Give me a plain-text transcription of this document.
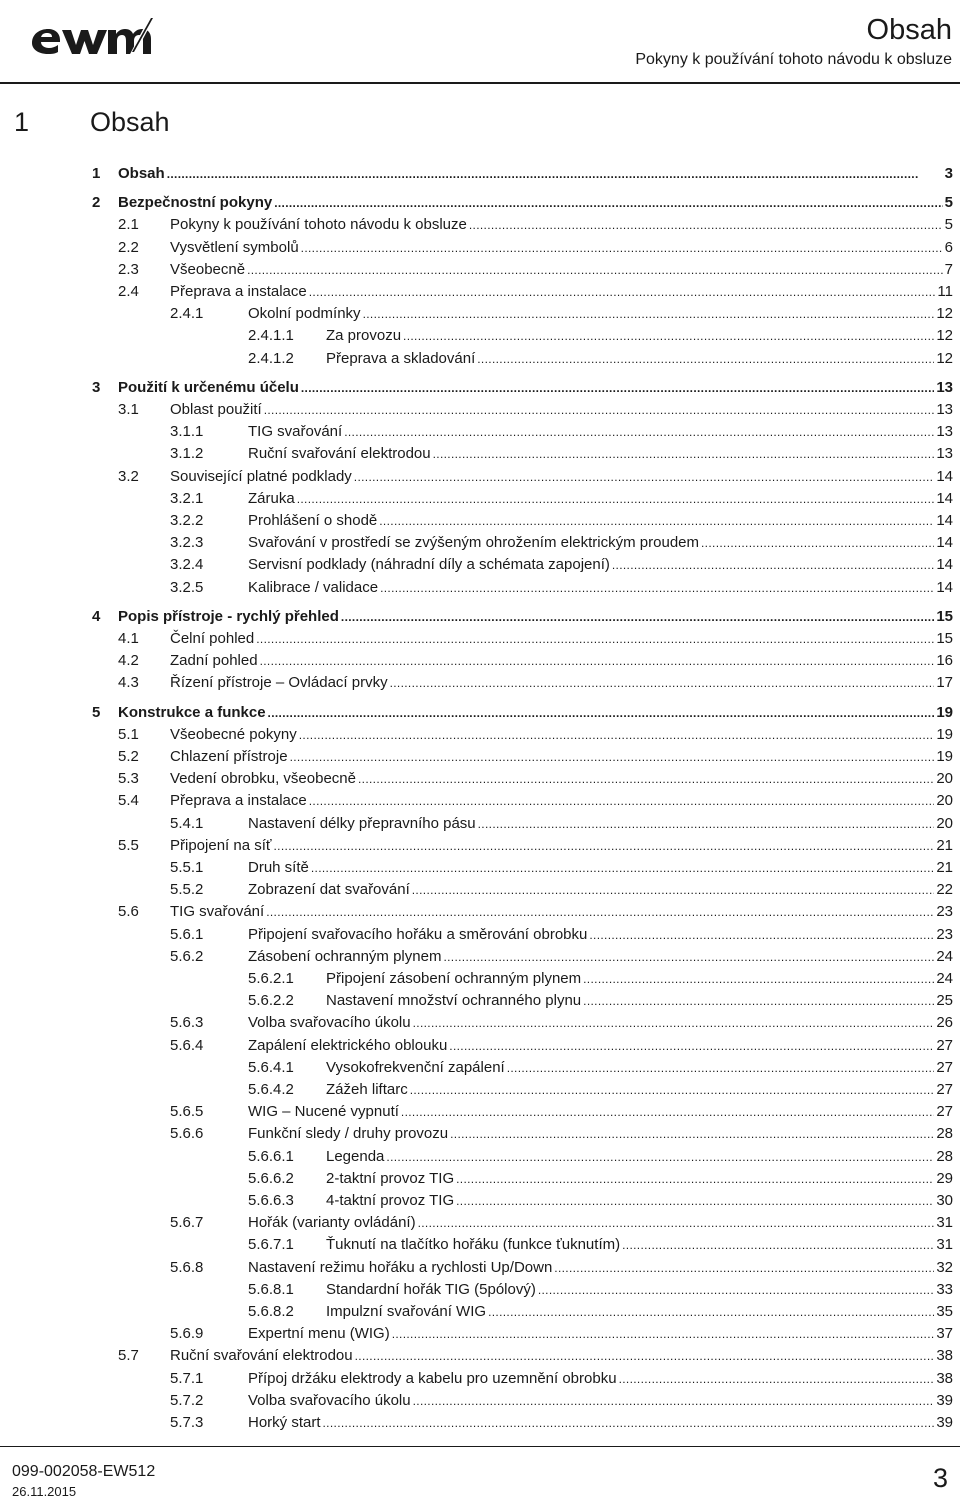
Obsah
Pokyny k používání tohoto návodu k obsluze
1 Obsah
1 Obsah . . .	3
2 Bezpečnostní pokyny . . .	5
2.1 Pokyny k používání tohoto návodu k obsluze . . .	5
2.2 Vysvětlení symbolů . . .	6
2.3 Všeobecně . . .	7
2.4 Přeprava a instalace . . .	11
2.4.1	Okolní podmínky . . .	12
2.4.1.1 Za provozu . . .	12
2.4.1.2 Přeprava a skladování . . .	12
3 Použití k určenému účelu . . .	13
3.1 Oblast použití . . .	13
3.1.1	TIG svařování . . .	13
3.1.2	Ruční svařování elektrodou . . .	13
3.2 Související platné podklady . . .	14
3.2.1	Záruka . . .	14
3.2.2	Prohlášení o shodě . . .	14
3.2.3	Svařování v prostředí se zvýšeným ohrožením elektrickým proudem . . .	14
3.2.4	Servisní podklady (náhradní díly a schémata zapojení) . . .	14
3.2.5	Kalibrace / validace . . .	14
4 Popis přístroje - rychlý přehled . . .	15
4.1 Čelní pohled . . .	15
4.2 Zadní pohled . . .	16
4.3 Řízení přístroje – Ovládací prvky . . .	17
5 Konstrukce a funkce . . .	19
5.1 Všeobecné pokyny . . .	19
5.2 Chlazení přístroje . . .	19
5.3 Vedení obrobku, všeobecně . . .	20
5.4 Přeprava a instalace . . .	20
5.4.1	Nastavení délky přepravního pásu . . .	20
5.5 Připojení na síť . . .	21
5.5.1	Druh sítě . . .	21
5.5.2	Zobrazení dat svařování . . .	22
5.6 TIG svařování . . .	23
5.6.1	Připojení svařovacího hořáku a směrování obrobku . . .	23
5.6.2	Zásobení ochranným plynem . . .	24
5.6.2.1 Připojení zásobení ochranným plynem . . .	24
5.6.2.2 Nastavení množství ochranného plynu . . .	25
5.6.3	Volba svařovacího úkolu . . .	26
5.6.4	Zapálení elektrického oblouku . . .	27
5.6.4.1 Vysokofrekvenční zapálení . . .	27
5.6.4.2 Zážeh liftarc . . .	27
5.6.5	WIG – Nucené vypnutí . . .	27
5.6.6	Funkční sledy / druhy provozu . . .	28
5.6.6.1 Legenda . . .	28
5.6.6.2 2-taktní provoz TIG . . .	29
5.6.6.3 4-taktní provoz TIG . . .	30
5.6.7	Hořák (varianty ovládání) . . .	31
5.6.7.1 Ťuknutí na tlačítko hořáku (funkce ťuknutím) . . .	31
5.6.8	Nastavení režimu hořáku a rychlosti Up/Down . . .	32
5.6.8.1 Standardní hořák TIG (5pólový) . . .	33
5.6.8.2 Impulzní svařování WIG . . .	35
5.6.9	Expertní menu (WIG) . . .	37
5.7 Ruční svařování elektrodou . . .	38
5.7.1	Přípoj držáku elektrody a kabelu pro uzemnění obrobku . . .	38
5.7.2	Volba svařovacího úkolu . . .	39
5.7.3	Horký start . . .	39
099-002058-EW512
26.11.2015	3
